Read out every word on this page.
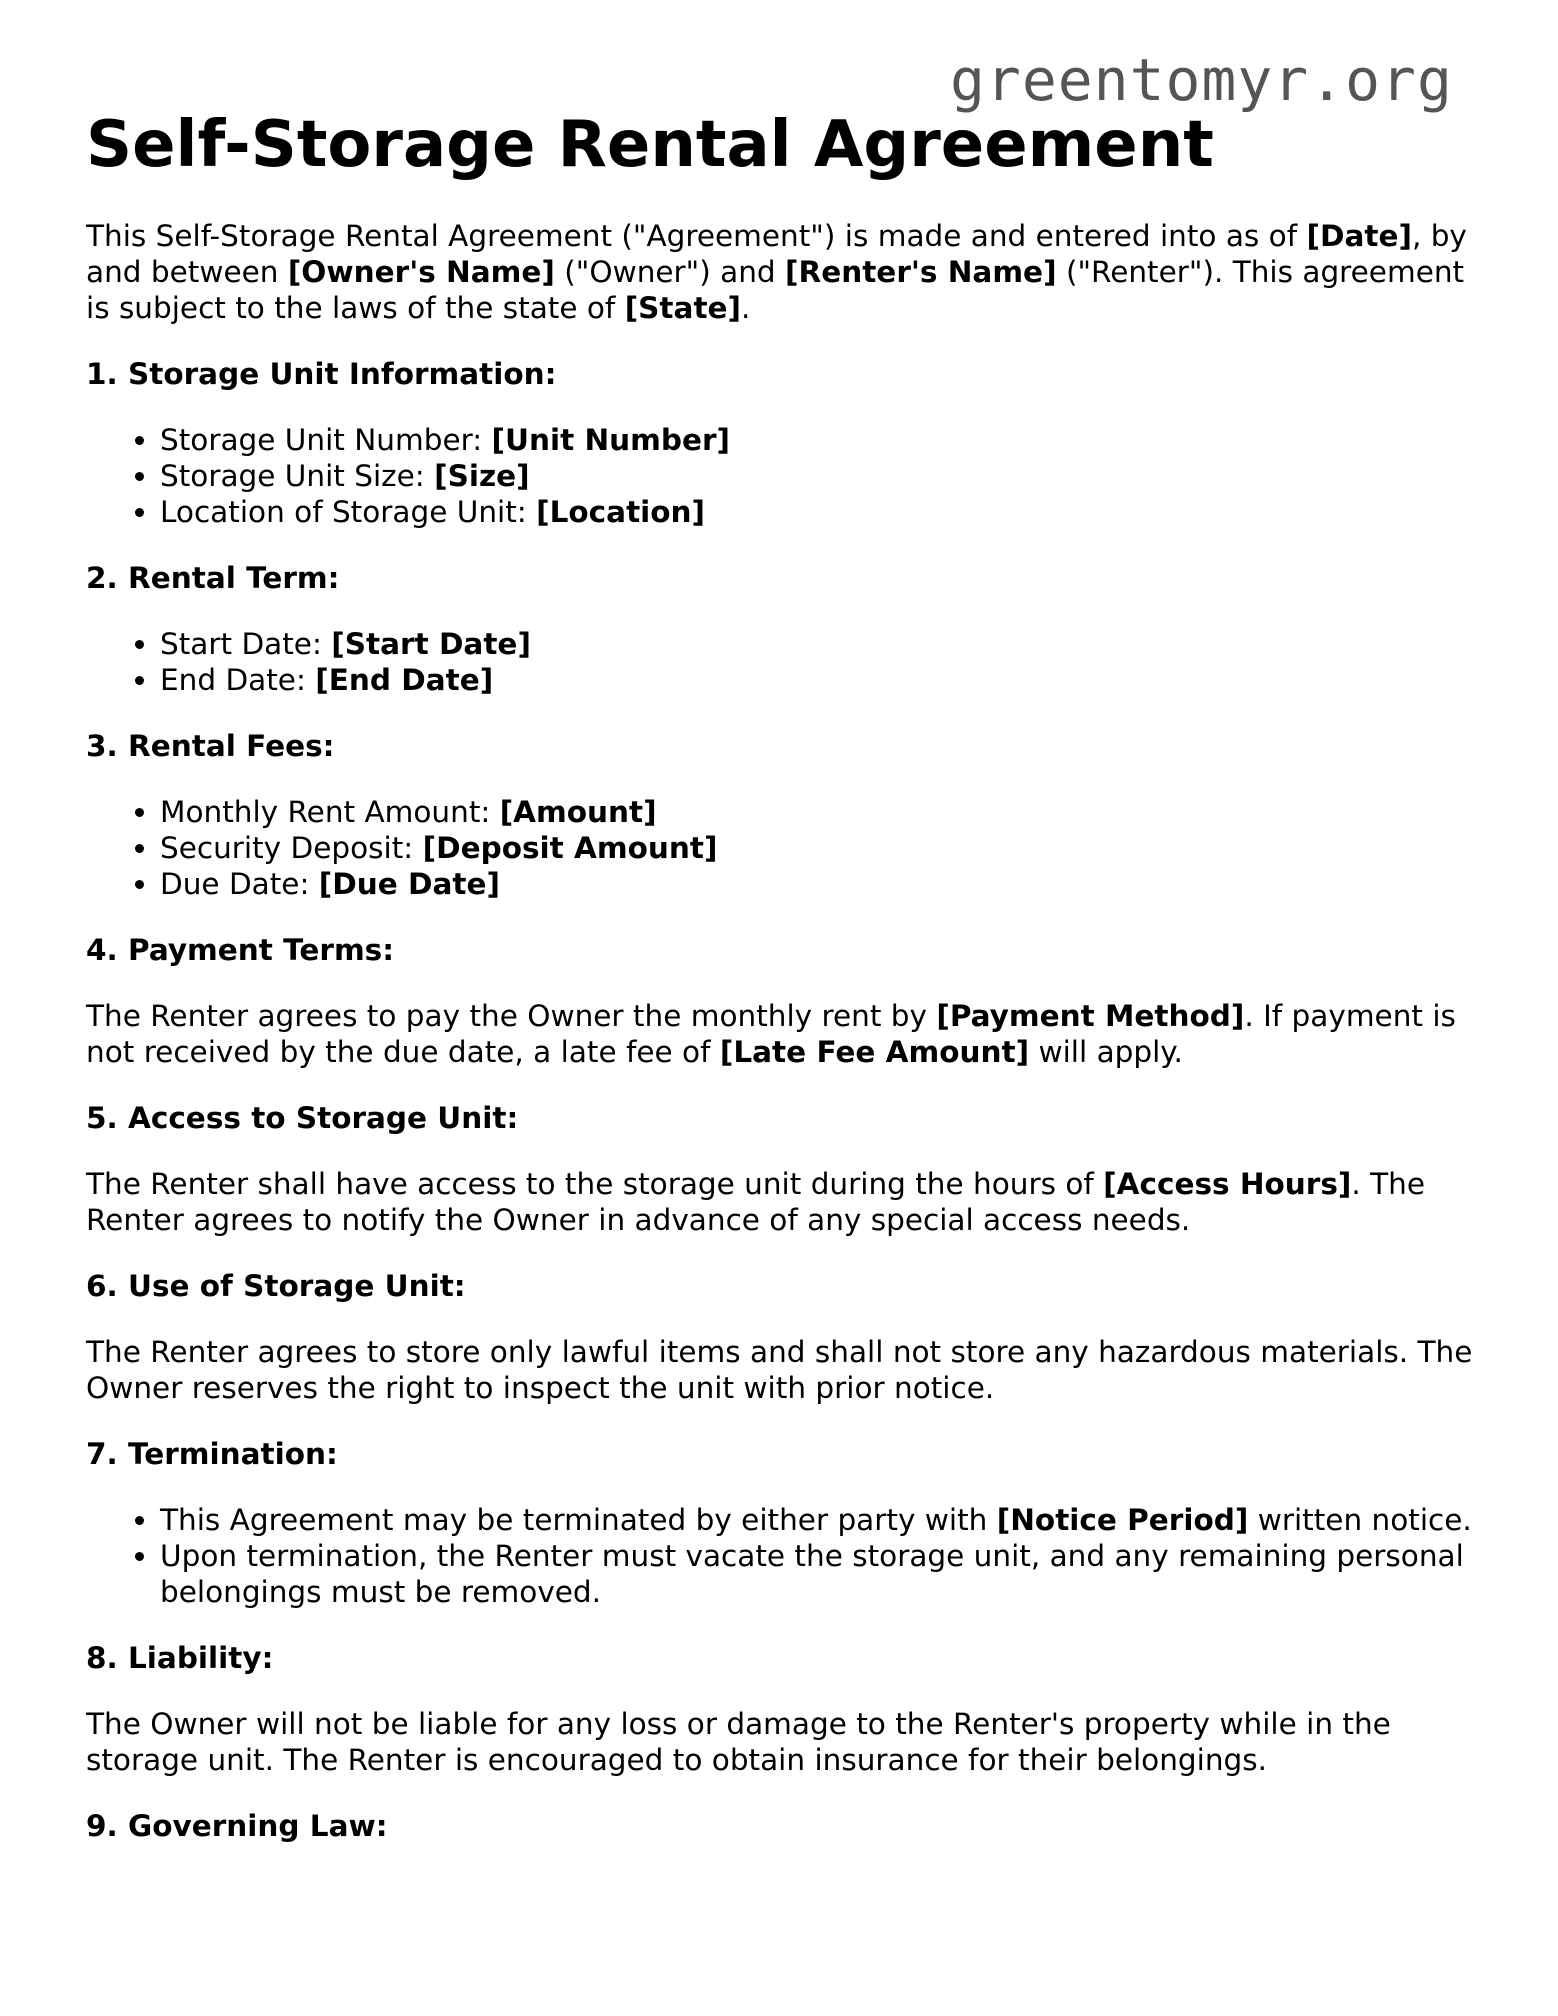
greentomyr.org
Self-Storage Rental Agreement

This Self-Storage Rental Agreement ("Agreement") is made and entered into as of [Date], by and between [Owner's Name] ("Owner") and [Renter's Name] ("Renter"). This agreement is subject to the laws of the state of [State].

1. Storage Unit Information:
• Storage Unit Number: [Unit Number]
• Storage Unit Size: [Size]
• Location of Storage Unit: [Location]
2. Rental Term:
• Start Date: [Start Date]
• End Date: [End Date]
3. Rental Fees:
• Monthly Rent Amount: [Amount]
• Security Deposit: [Deposit Amount]
• Due Date: [Due Date]
4. Payment Terms:

The Renter agrees to pay the Owner the monthly rent by [Payment Method]. If payment is not received by the due date, a late fee of [Late Fee Amount] will apply.

5. Access to Storage Unit:

The Renter shall have access to the storage unit during the hours of [Access Hours]. The Renter agrees to notify the Owner in advance of any special access needs.

6. Use of Storage Unit:

The Renter agrees to store only lawful items and shall not store any hazardous materials. The Owner reserves the right to inspect the unit with prior notice.

7. Termination:
• This Agreement may be terminated by either party with [Notice Period] written notice.
• Upon termination, the Renter must vacate the storage unit, and any remaining personal belongings must be removed.
8. Liability:

The Owner will not be liable for any loss or damage to the Renter's property while in the storage unit. The Renter is encouraged to obtain insurance for their belongings.

9. Governing Law:
